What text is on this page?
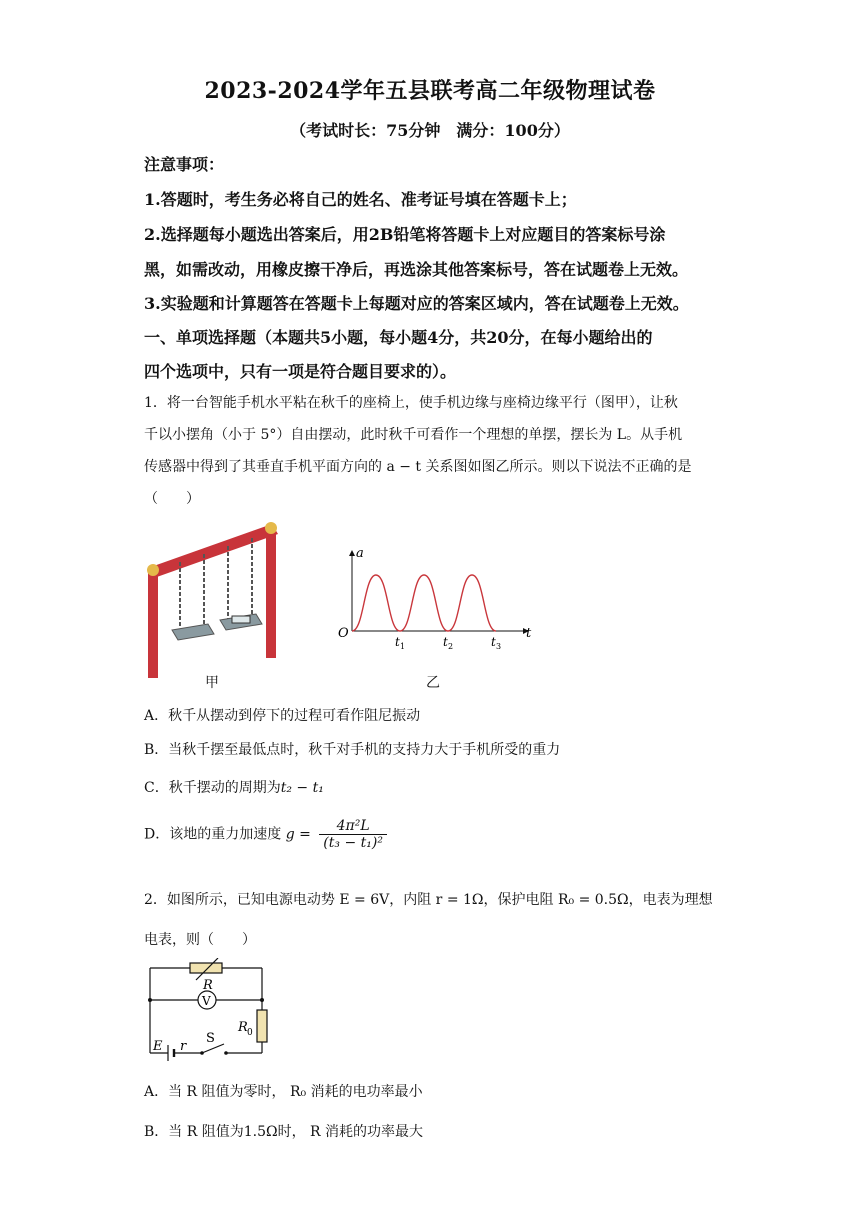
2023-2024学年五县联考高二年级物理试卷
（考试时长：75分钟　满分：100分）
注意事项：
1.答题时，考生务必将自己的姓名、准考证号填在答题卡上；
2.选择题每小题选出答案后，用2B铅笔将答题卡上对应题目的答案标号涂
黑，如需改动，用橡皮擦干净后，再选涂其他答案标号，答在试题卷上无效。
3.实验题和计算题答在答题卡上每题对应的答案区域内，答在试题卷上无效。
一、单项选择题（本题共5小题，每小题4分，共20分，在每小题给出的
四个选项中，只有一项是符合题目要求的）。
1．将一台智能手机水平粘在秋千的座椅上，使手机边缘与座椅边缘平行（图甲），让秋
千以小摆角（小于 5°）自由摆动，此时秋千可看作一个理想的单摆，摆长为 L。从手机
传感器中得到了其垂直手机平面方向的 a − t 关系图如图乙所示。则以下说法不正确的是
（　　）
甲
a
t
O
t 1	t 2	t 3
乙
A．秋千从摆动到停下的过程可看作阻尼振动
B．当秋千摆至最低点时，秋千对手机的支持力大于手机所受的重力
C．秋千摆动的周期为t₂ − t₁
D．该地的重力加速度 $g = \frac{\text{4π²L}}{\text{(t₃ − t₁)²}}$
2．如图所示，已知电源电动势 E = 6V，内阻 r = 1Ω，保护电阻 R₀ = 0.5Ω，电表为理想
电表，则（　　）
R
V
R 0
E r
S
A．当 R 阻值为零时， R₀ 消耗的电功率最小
B．当 R 阻值为1.5Ω时， R 消耗的功率最大
